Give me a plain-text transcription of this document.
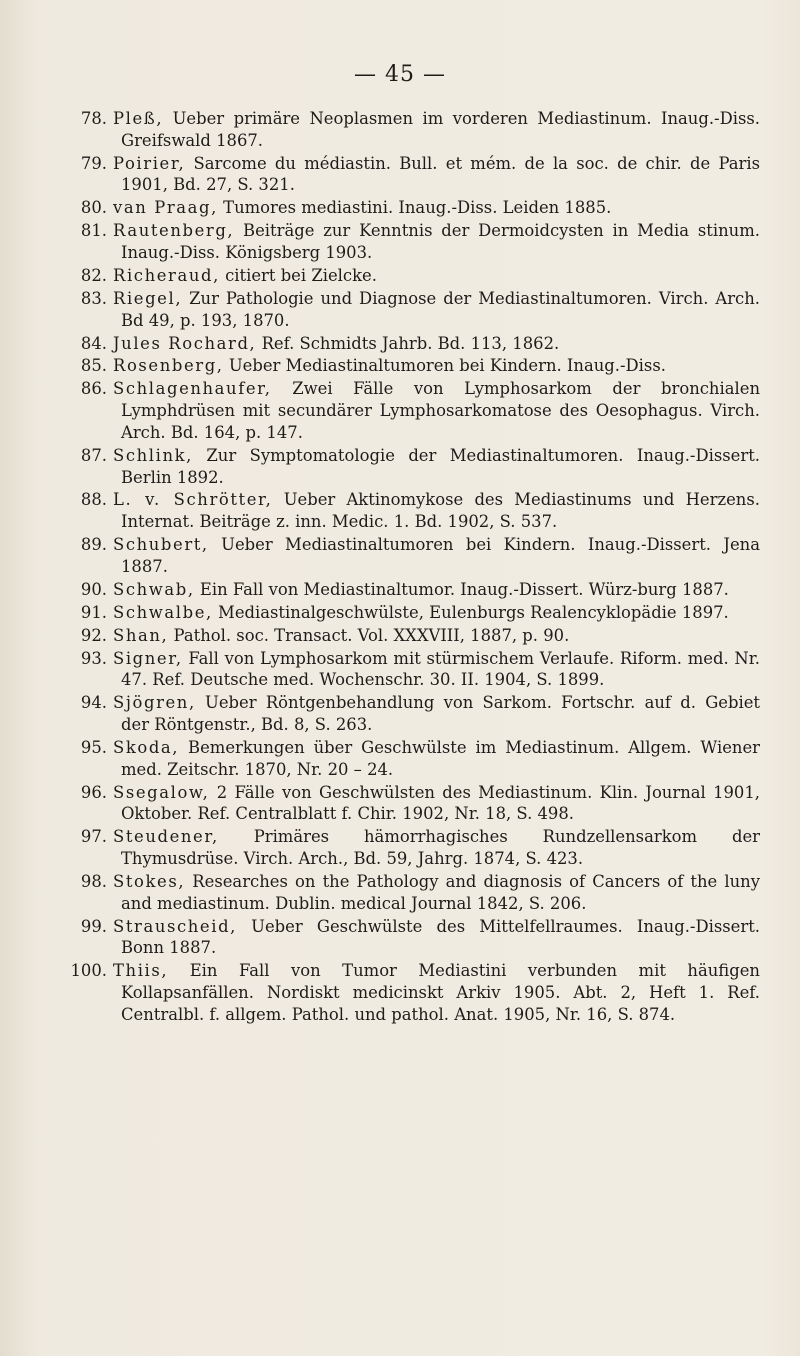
— 45 —
78. Pleß, Ueber primäre Neoplasmen im vorderen Mediastinum. Inaug.-Diss. Greifswald 1867.
79. Poirier, Sarcome du médiastin. Bull. et mém. de la soc. de chir. de Paris 1901, Bd. 27, S. 321.
80. van Praag, Tumores mediastini. Inaug.-Diss. Leiden 1885.
81. Rautenberg, Beiträge zur Kenntnis der Dermoidcysten in Media stinum. Inaug.-Diss. Königsberg 1903.
82. Richeraud, citiert bei Zielcke.
83. Riegel, Zur Pathologie und Diagnose der Mediastinaltumoren. Virch. Arch. Bd 49, p. 193, 1870.
84. Jules Rochard, Ref. Schmidts Jahrb. Bd. 113, 1862.
85. Rosenberg, Ueber Mediastinaltumoren bei Kindern. Inaug.-Diss.
86. Schlagenhaufer, Zwei Fälle von Lymphosarkom der bronchialen Lymphdrüsen mit secundärer Lymphosarkomatose des Oesophagus. Virch. Arch. Bd. 164, p. 147.
87. Schlink, Zur Symptomatologie der Mediastinaltumoren. Inaug.-Dissert. Berlin 1892.
88. L. v. Schrötter, Ueber Aktinomykose des Mediastinums und Herzens. Internat. Beiträge z. inn. Medic. 1. Bd. 1902, S. 537.
89. Schubert, Ueber Mediastinaltumoren bei Kindern. Inaug.-Dissert. Jena 1887.
90. Schwab, Ein Fall von Mediastinaltumor. Inaug.-Dissert. Würz-burg 1887.
91. Schwalbe, Mediastinalgeschwülste, Eulenburgs Realencyklopädie 1897.
92. Shan, Pathol. soc. Transact. Vol. XXXVIII, 1887, p. 90.
93. Signer, Fall von Lymphosarkom mit stürmischem Verlaufe. Riform. med. Nr. 47. Ref. Deutsche med. Wochenschr. 30. II. 1904, S. 1899.
94. Sjögren, Ueber Röntgenbehandlung von Sarkom. Fortschr. auf d. Gebiet der Röntgenstr., Bd. 8, S. 263.
95. Skoda, Bemerkungen über Geschwülste im Mediastinum. Allgem. Wiener med. Zeitschr. 1870, Nr. 20 – 24.
96. Ssegalow, 2 Fälle von Geschwülsten des Mediastinum. Klin. Journal 1901, Oktober. Ref. Centralblatt f. Chir. 1902, Nr. 18, S. 498.
97. Steudener, Primäres hämorrhagisches Rundzellensarkom der Thymusdrüse. Virch. Arch., Bd. 59, Jahrg. 1874, S. 423.
98. Stokes, Researches on the Pathology and diagnosis of Cancers of the luny and mediastinum. Dublin. medical Journal 1842, S. 206.
99. Strauscheid, Ueber Geschwülste des Mittelfellraumes. Inaug.-Dissert. Bonn 1887.
100. Thiis, Ein Fall von Tumor Mediastini verbunden mit häufigen Kollapsanfällen. Nordiskt medicinskt Arkiv 1905. Abt. 2, Heft 1. Ref. Centralbl. f. allgem. Pathol. und pathol. Anat. 1905, Nr. 16, S. 874.
